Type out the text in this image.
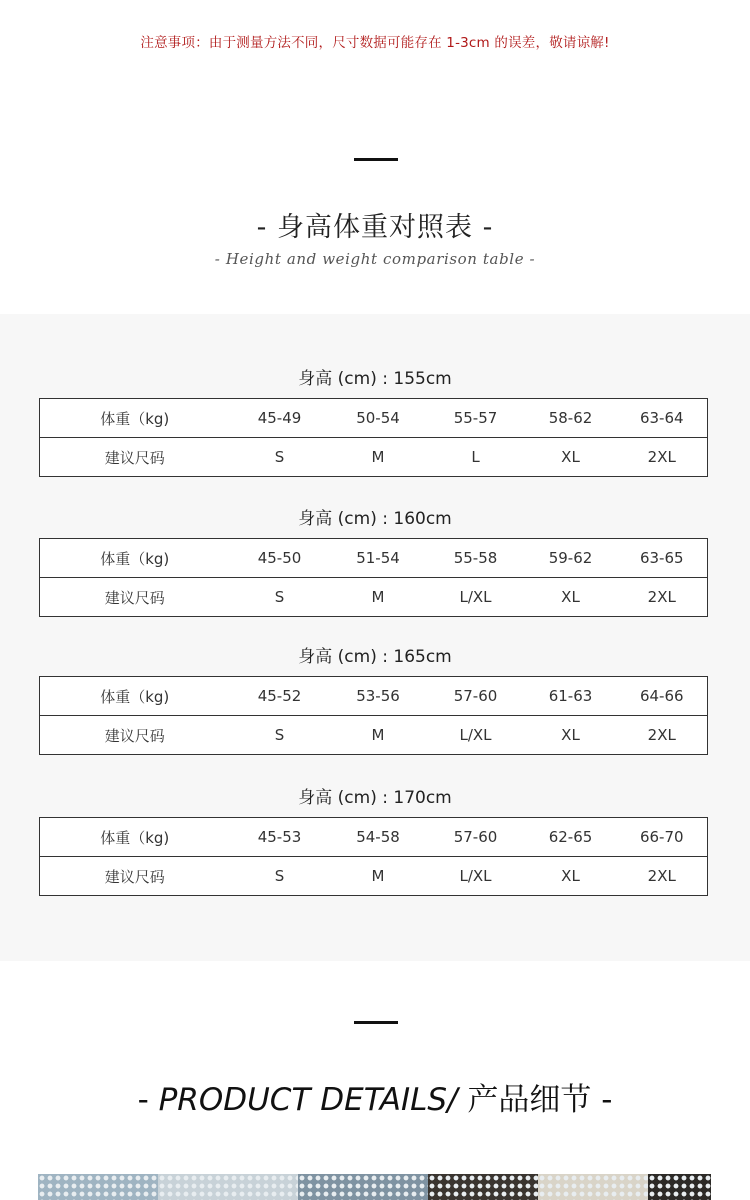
注意事项：由于测量方法不同，尺寸数据可能存在 1-3cm 的误差，敬请谅解!
- 身高体重对照表 -
- Height and weight comparison table -
身高 (cm) : 155cm
体重（kg)	45-49	50-54	55-57	58-62	63-64
建议尺码	S	M	L	XL	2XL
身高 (cm) : 160cm
体重（kg)	45-50	51-54	55-58	59-62	63-65
建议尺码	S	M	L/XL	XL	2XL
身高 (cm) : 165cm
体重（kg)	45-52	53-56	57-60	61-63	64-66
建议尺码	S	M	L/XL	XL	2XL
身高 (cm) : 170cm
体重（kg)	45-53	54-58	57-60	62-65	66-70
建议尺码	S	M	L/XL	XL	2XL
- PRODUCT DETAILS/ 产品细节 -
